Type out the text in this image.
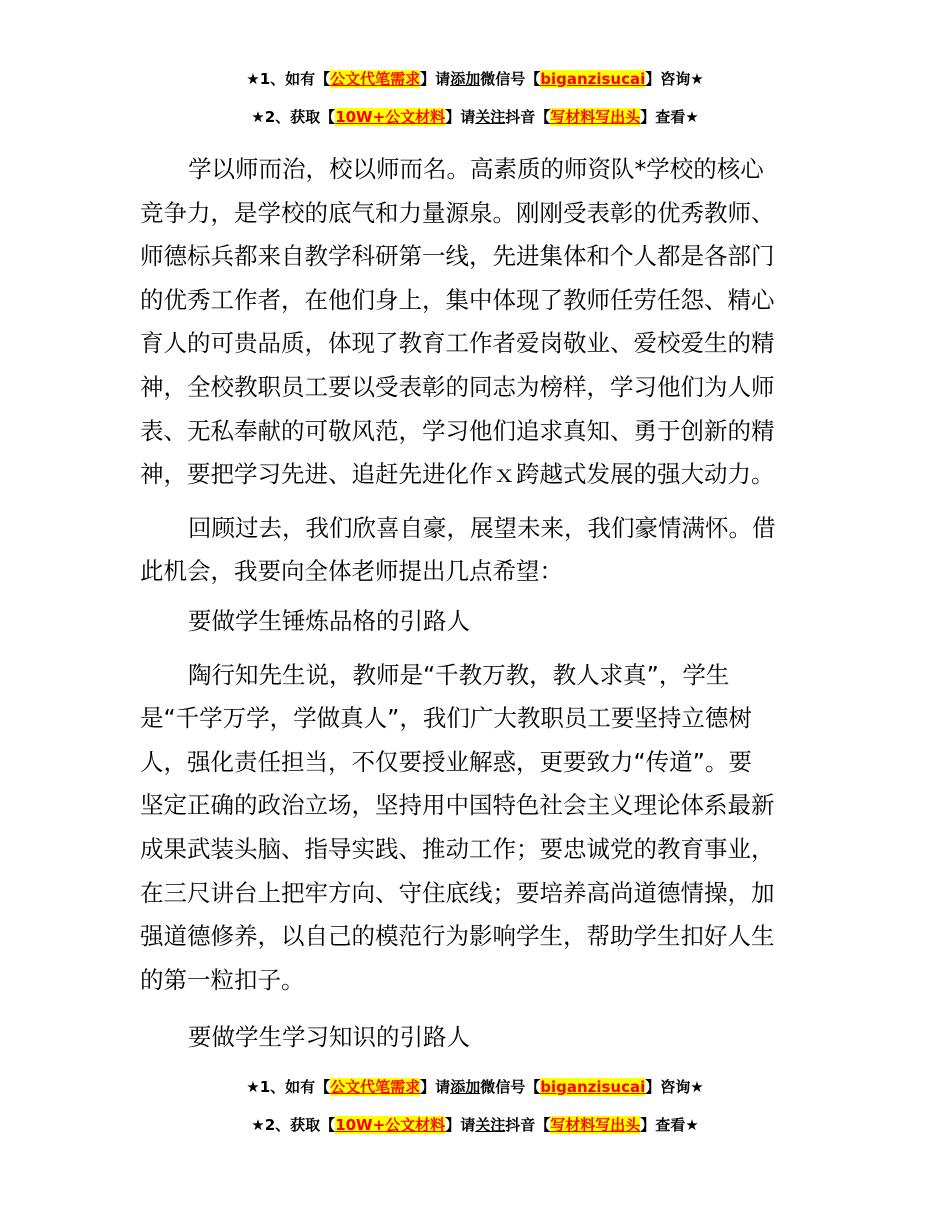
★1、如有【公文代笔需求】请添加微信号【biganzisucai】咨询★
★2、获取【10W+公文材料】请关注抖音【写材料写出头】查看★
学以师而治，校以师而名。高素质的师资队*学校的核心
竞争力，是学校的底气和力量源泉。刚刚受表彰的优秀教师、
师德标兵都来自教学科研第一线，先进集体和个人都是各部门
的优秀工作者，在他们身上，集中体现了教师任劳任怨、精心
育人的可贵品质，体现了教育工作者爱岗敬业、爱校爱生的精
神，全校教职员工要以受表彰的同志为榜样，学习他们为人师
表、无私奉献的可敬风范，学习他们追求真知、勇于创新的精
神，要把学习先进、追赶先进化作ｘ跨越式发展的强大动力。
回顾过去，我们欣喜自豪，展望未来，我们豪情满怀。借
此机会，我要向全体老师提出几点希望：
要做学生锤炼品格的引路人
陶行知先生说，教师是“千教万教，教人求真”，学生
是“千学万学，学做真人”，我们广大教职员工要坚持立德树
人，强化责任担当，不仅要授业解惑，更要致力“传道”。要
坚定正确的政治立场，坚持用中国特色社会主义理论体系最新
成果武装头脑、指导实践、推动工作；要忠诚党的教育事业，
在三尺讲台上把牢方向、守住底线；要培养高尚道德情操，加
强道德修养，以自己的模范行为影响学生，帮助学生扣好人生
的第一粒扣子。
要做学生学习知识的引路人
★1、如有【公文代笔需求】请添加微信号【biganzisucai】咨询★
★2、获取【10W+公文材料】请关注抖音【写材料写出头】查看★
